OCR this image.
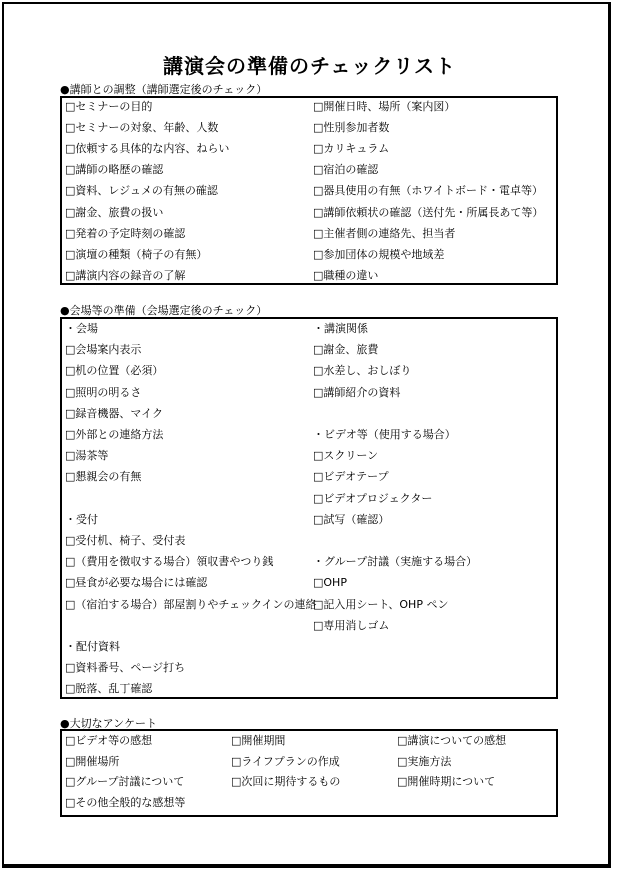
講演会の準備のチェックリスト
●講師との調整（講師選定後のチェック）
□セミナーの目的
□セミナーの対象、年齢、人数
□依頼する具体的な内容、ねらい
□講師の略歴の確認
□資料、レジュメの有無の確認
□謝金、旅費の扱い
□発着の予定時刻の確認
□演壇の種類（椅子の有無）
□講演内容の録音の了解
□開催日時、場所（案内図）
□性別参加者数
□カリキュラム
□宿泊の確認
□器具使用の有無（ホワイトボード・電卓等）
□講師依頼状の確認（送付先・所属長あて等）
□主催者側の連絡先、担当者
□参加団体の規模や地域差
□職種の違い
●会場等の準備（会場選定後のチェック）
・会場
□会場案内表示
□机の位置（必須）
□照明の明るさ
□録音機器、マイク
□外部との連絡方法
□湯茶等
□懇親会の有無
・受付
□受付机、椅子、受付表
□（費用を徴収する場合）領収書やつり銭
□昼食が必要な場合には確認
□（宿泊する場合）部屋割りやチェックインの連絡
・配付資料
□資料番号、ページ打ち
□脱落、乱丁確認
・講演関係
□謝金、旅費
□水差し、おしぼり
□講師紹介の資料
・ビデオ等（使用する場合）
□スクリーン
□ビデオテープ
□ビデオプロジェクター
□試写（確認）
・グループ討議（実施する場合）
□OHP
□記入用シート、OHP ペン
□専用消しゴム
●大切なアンケート
□ビデオ等の感想
□開催場所
□グループ討議について
□その他全般的な感想等
□開催期間
□ライフプランの作成
□次回に期待するもの
□講演についての感想
□実施方法
□開催時期について
